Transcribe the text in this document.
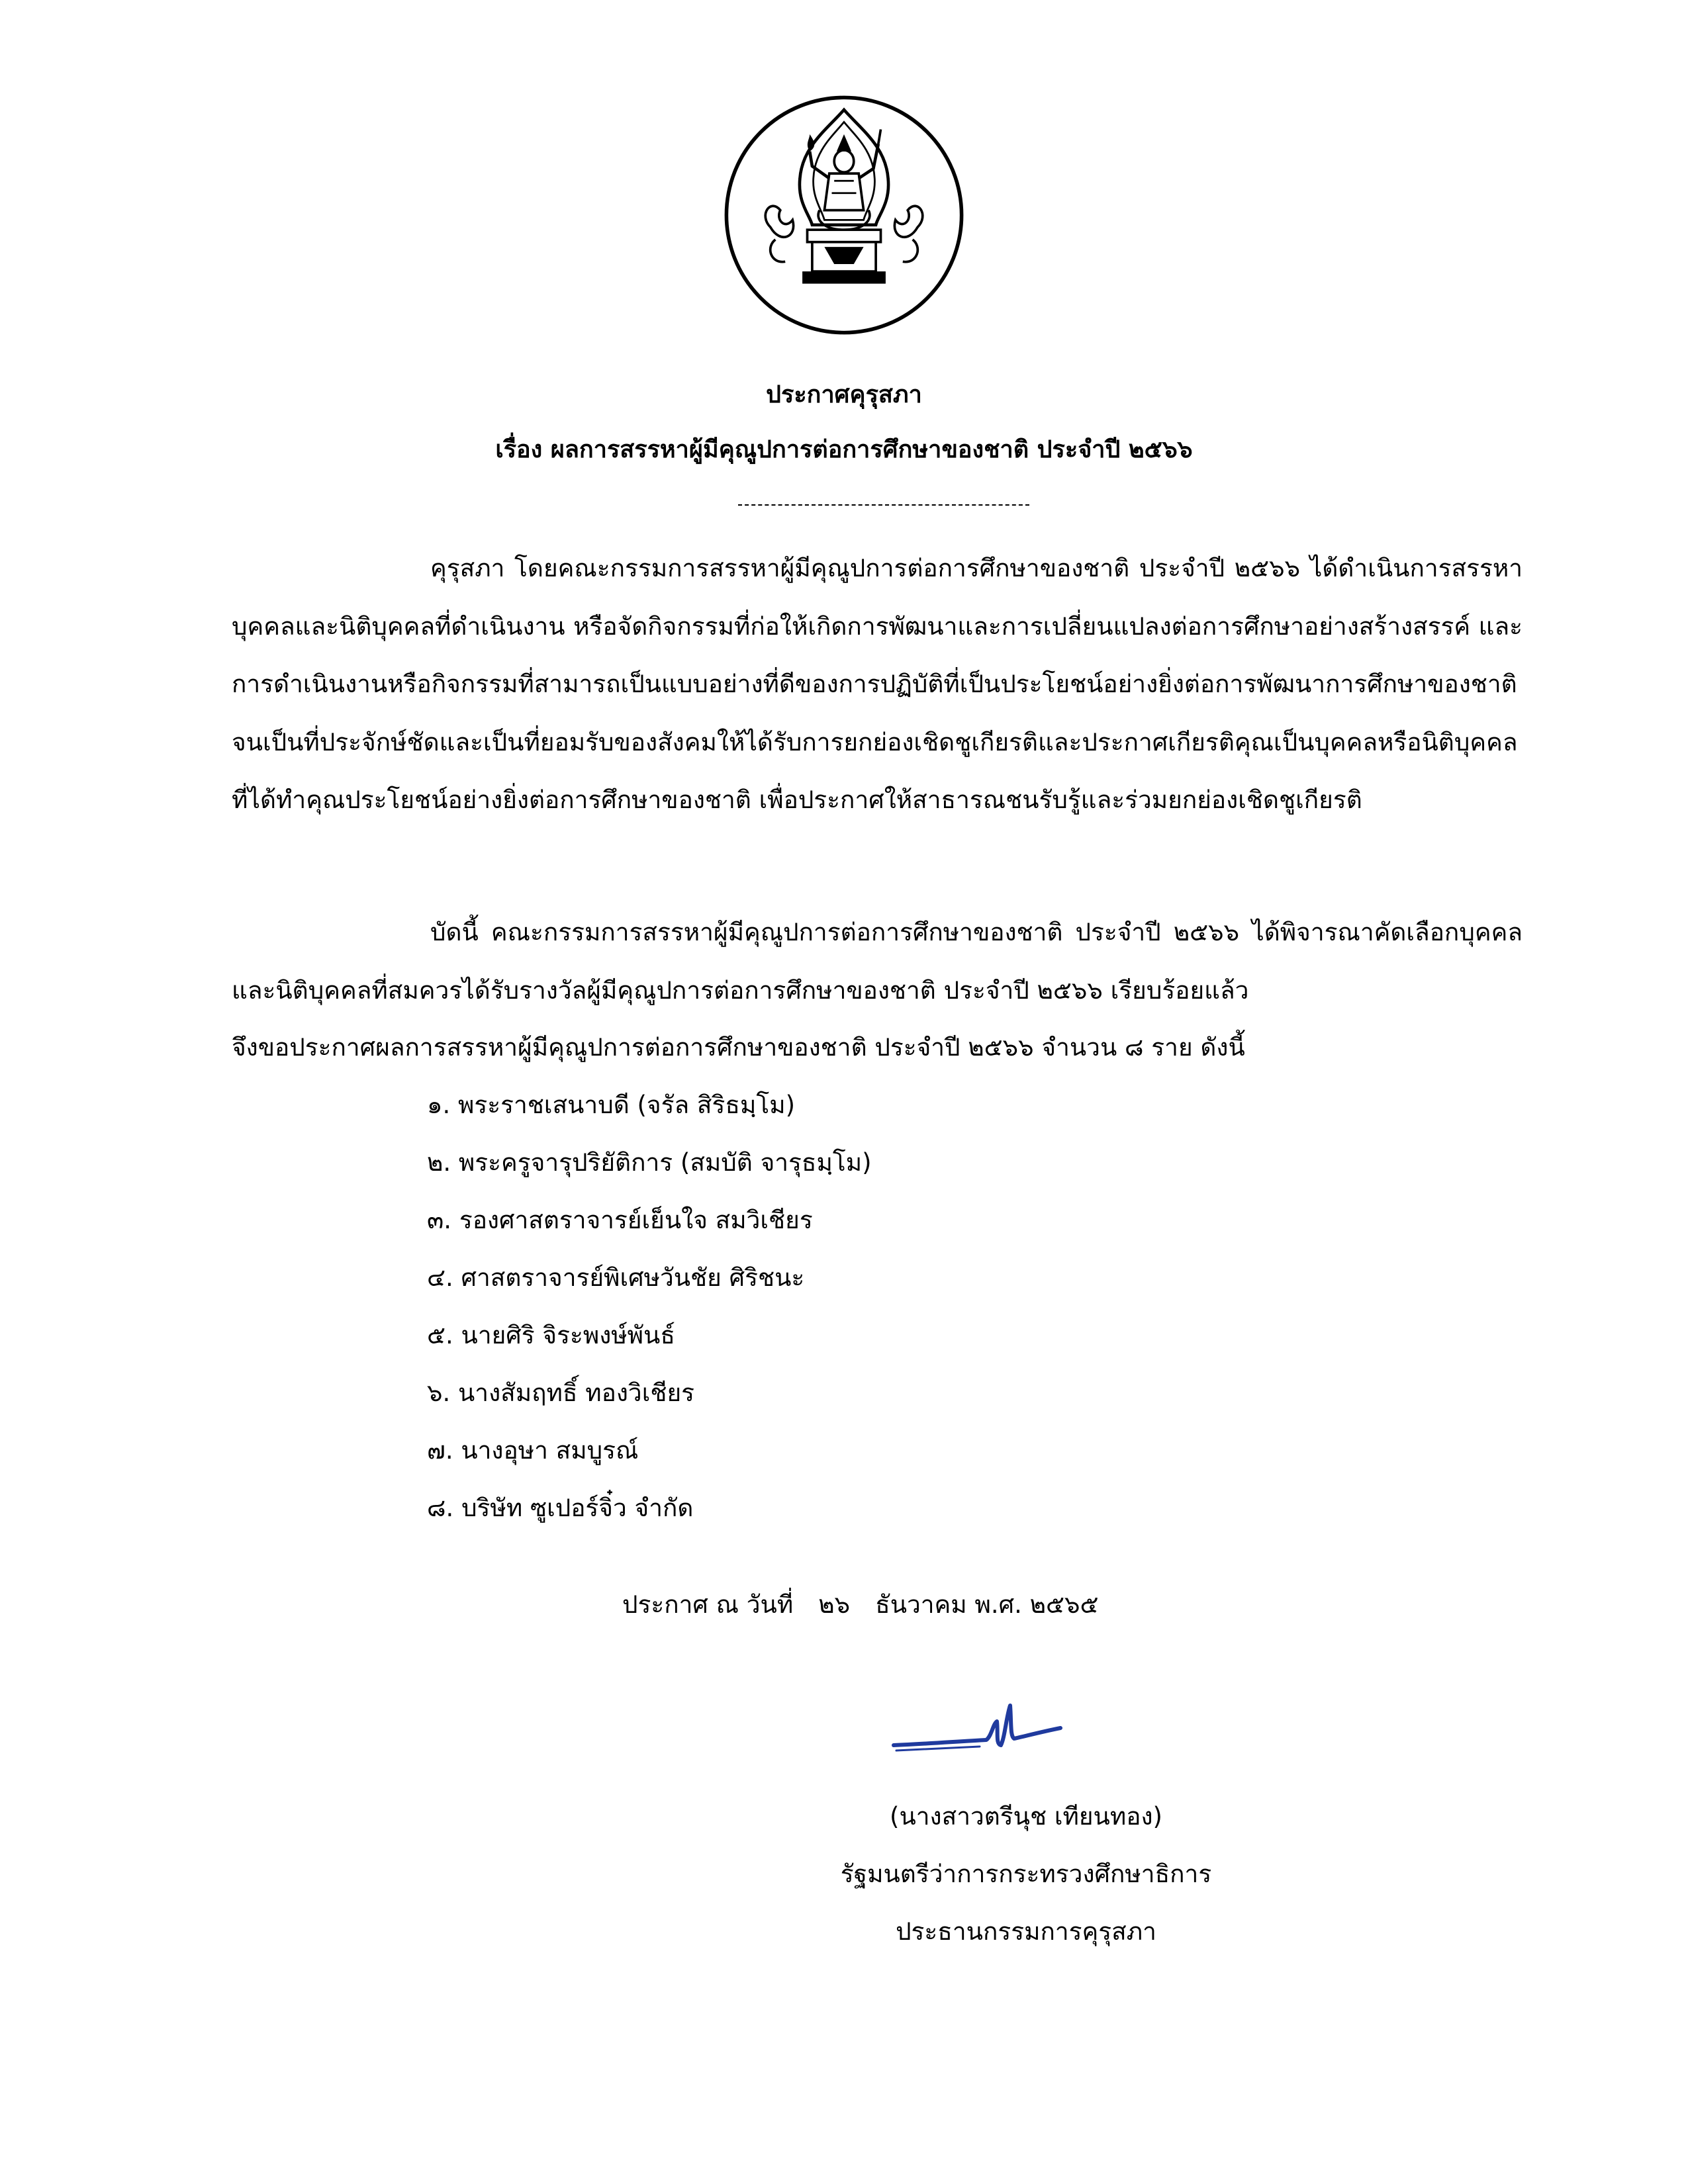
ประกาศคุรุสภา
เรื่อง ผลการสรรหาผู้มีคุณูปการต่อการศึกษาของชาติ ประจำปี ๒๕๖๖
คุรุสภา โดยคณะกรรมการสรรหาผู้มีคุณูปการต่อการศึกษาของชาติ ประจำปี ๒๕๖๖ ได้ดำเนินการสรรหาบุคคลและนิติบุคคลที่ดำเนินงาน หรือจัดกิจกรรมที่ก่อให้เกิดการพัฒนาและการเปลี่ยนแปลงต่อการศึกษาอย่างสร้างสรรค์ และการดำเนินงานหรือกิจกรรมที่สามารถเป็นแบบอย่างที่ดีของการปฏิบัติที่เป็นประโยชน์อย่างยิ่งต่อการพัฒนาการศึกษาของชาติ จนเป็นที่ประจักษ์ชัดและเป็นที่ยอมรับของสังคมให้ได้รับการยกย่องเชิดชูเกียรติและประกาศเกียรติคุณเป็นบุคคลหรือนิติบุคคลที่ได้ทำคุณประโยชน์อย่างยิ่งต่อการศึกษาของชาติ เพื่อประกาศให้สาธารณชนรับรู้และร่วมยกย่องเชิดชูเกียรติ
บัดนี้ คณะกรรมการสรรหาผู้มีคุณูปการต่อการศึกษาของชาติ ประจำปี ๒๕๖๖ ได้พิจารณาคัดเลือกบุคคลและนิติบุคคลที่สมควรได้รับรางวัลผู้มีคุณูปการต่อการศึกษาของชาติ ประจำปี ๒๕๖๖ เรียบร้อยแล้ว
จึงขอประกาศผลการสรรหาผู้มีคุณูปการต่อการศึกษาของชาติ ประจำปี ๒๕๖๖ จำนวน ๘ ราย ดังนี้
๑. พระราชเสนาบดี (จรัล สิริธมฺโม)
๒. พระครูจารุปริยัติการ (สมบัติ จารุธมฺโม)
๓. รองศาสตราจารย์เย็นใจ สมวิเชียร
๔. ศาสตราจารย์พิเศษวันชัย ศิริชนะ
๕. นายศิริ จิระพงษ์พันธ์
๖. นางสัมฤทธิ์ ทองวิเชียร
๗. นางอุษา สมบูรณ์
๘. บริษัท ซูเปอร์จิ๋ว จำกัด
ประกาศ ณ วันที่ ๒๖ ธันวาคม พ.ศ. ๒๕๖๕
(นางสาวตรีนุช เทียนทอง)
รัฐมนตรีว่าการกระทรวงศึกษาธิการ
ประธานกรรมการคุรุสภา
